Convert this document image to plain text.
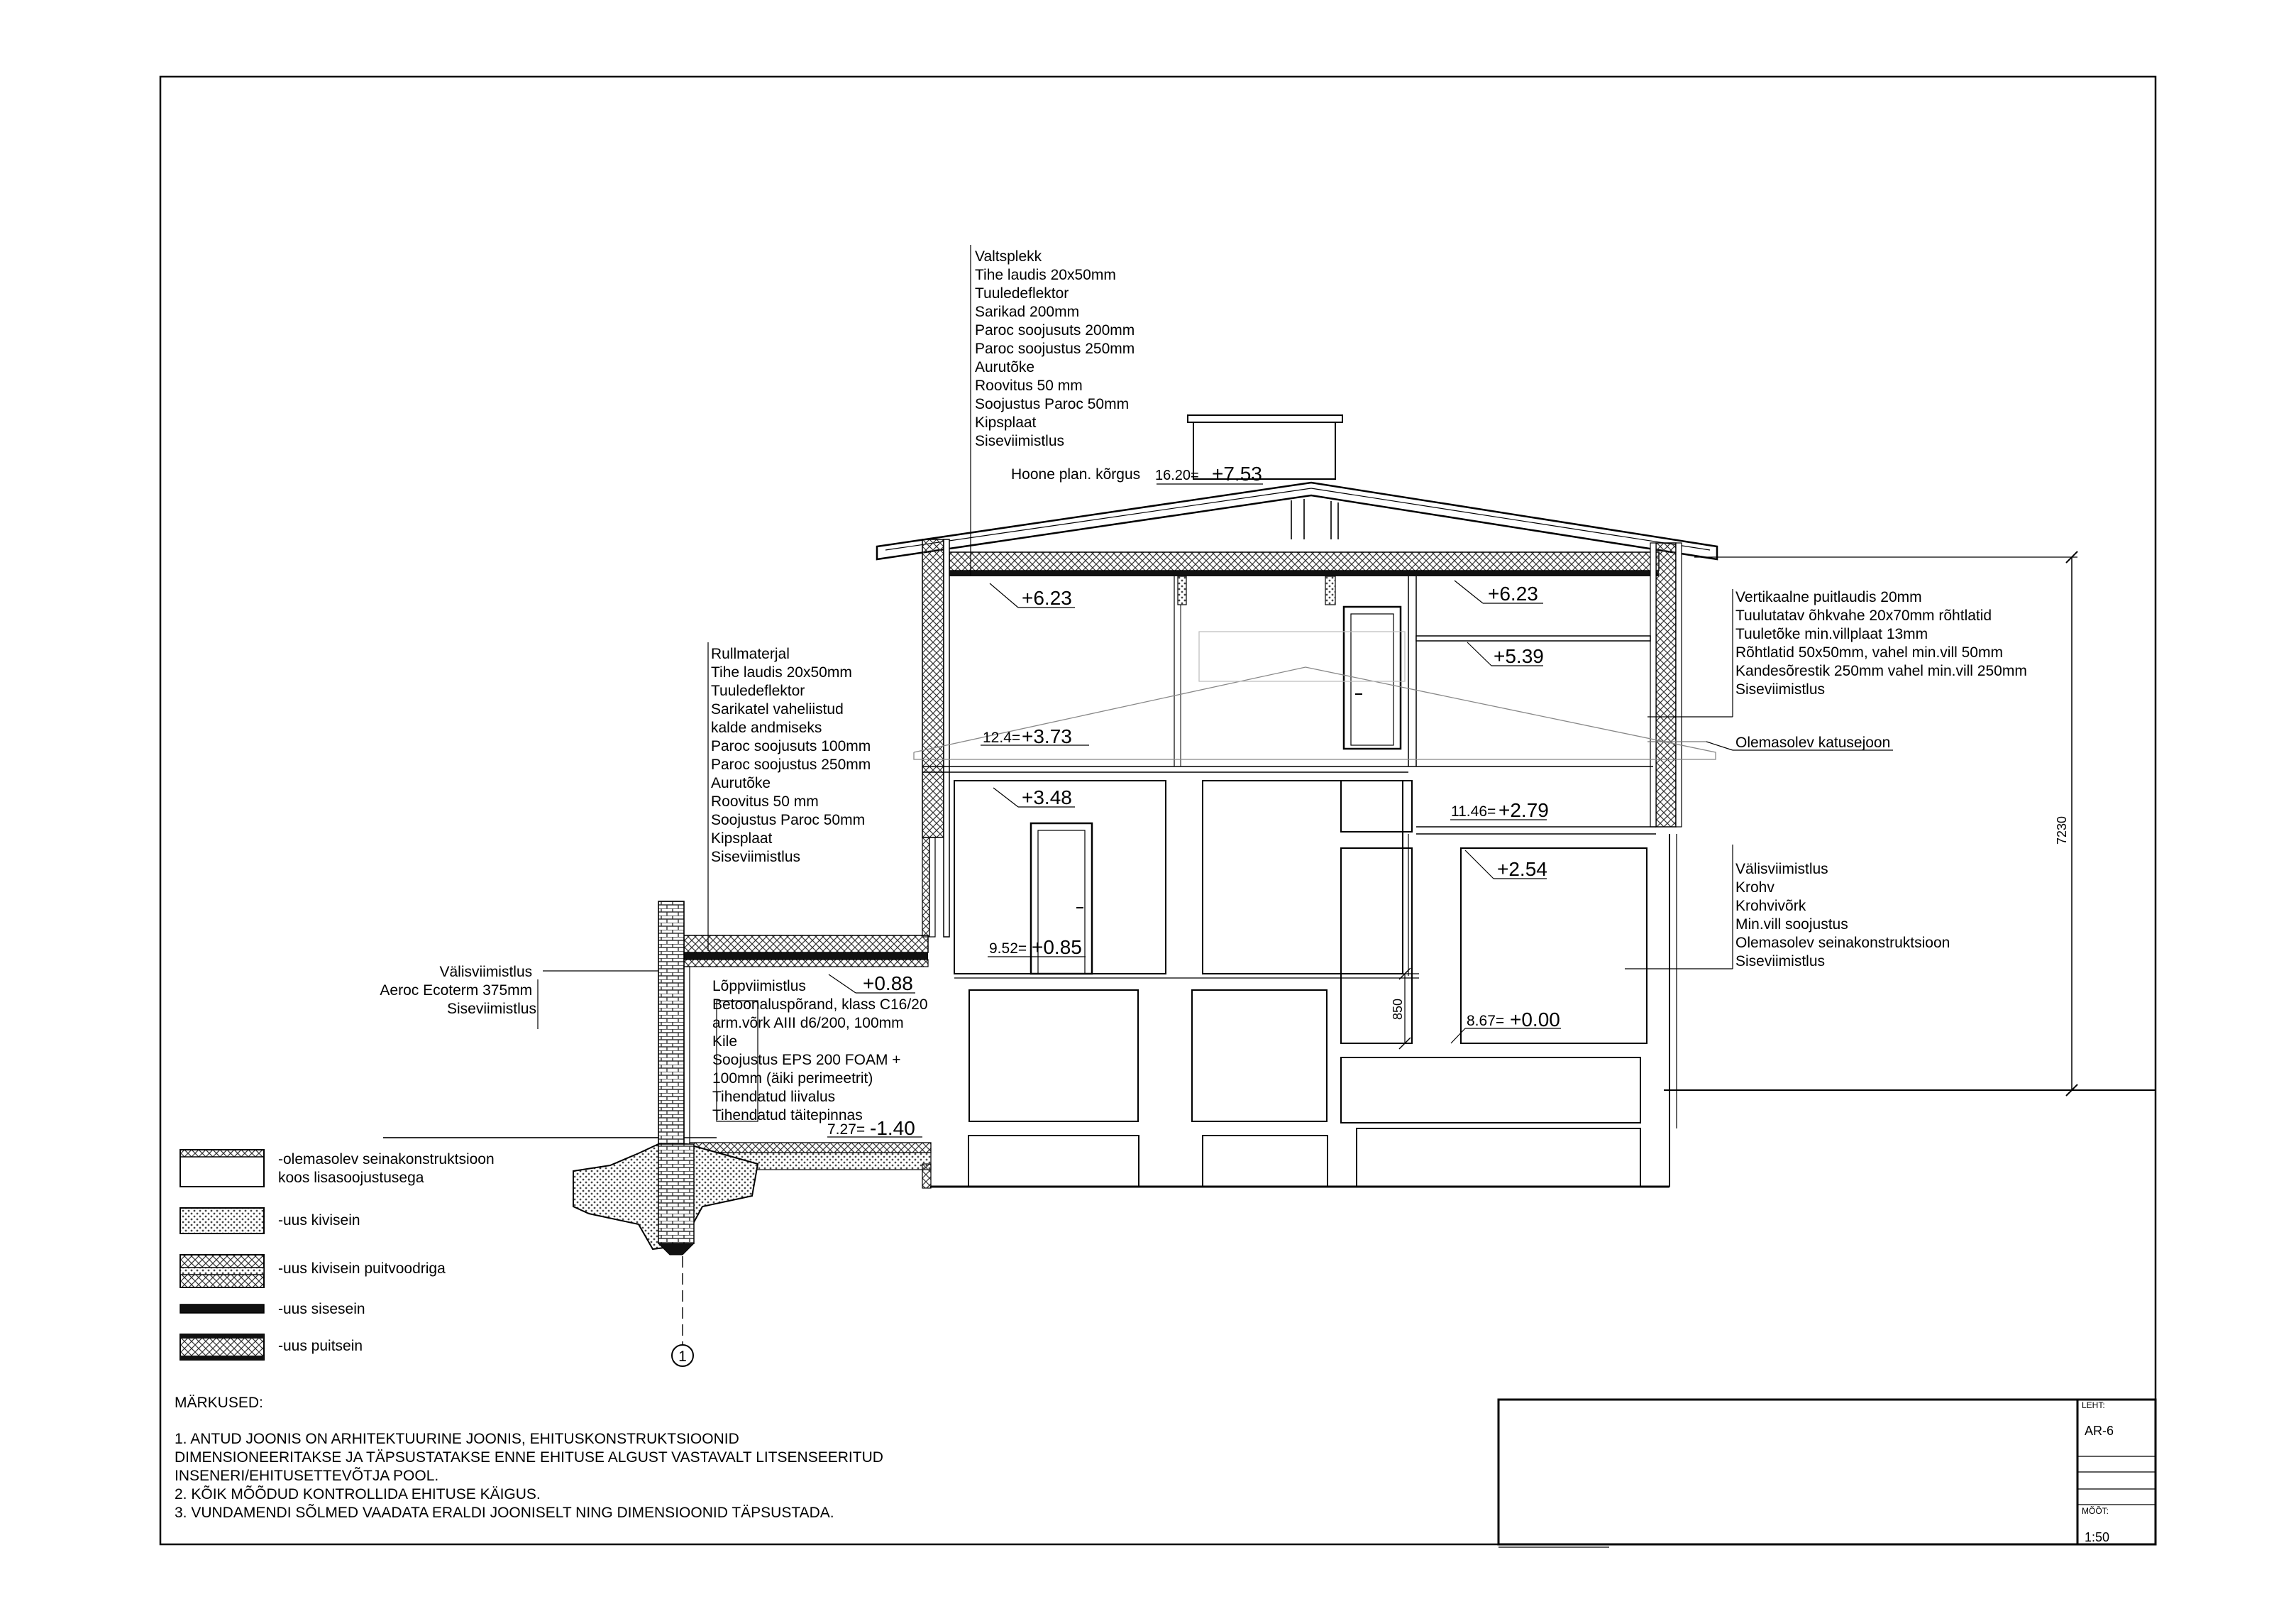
Valtsplekk Tihe laudis 20x50mm Tuuledeflektor Sarikad 200mm Paroc soojusuts 200mm Paroc soojustus 250mm Aurutõke Roovitus 50 mm Soojustus Paroc 50mm Kipsplaat Siseviimistlus
Hoone plan. kõrgus 16.20= +7.53
Rullmaterjal Tihe laudis 20x50mm Tuuledeflektor Sarikatel vaheliistud kalde andmiseks Paroc soojusuts 100mm Paroc soojustus 250mm Aurutõke Roovitus 50 mm Soojustus Paroc 50mm Kipsplaat Siseviimistlus
Vertikaalne puitlaudis 20mm Tuulutatav õhkvahe 20x70mm rõhtlatid Tuuletõke min.villplaat 13mm Rõhtlatid 50x50mm, vahel min.vill 50mm Kandesõrestik 250mm vahel min.vill 250mm Siseviimistlus
Olemasolev katusejoon
Välisviimistlus Krohv Krohvivõrk Min.vill soojustus Olemasolev seinakonstruktsioon Siseviimistlus
Välisviimistlus Aeroc Ecoterm 375mm Siseviimistlus
Lõppviimistlus Betoonaluspõrand, klass C16/20 arm.võrk AIII d6/200, 100mm Kile Soojustus EPS 200 FOAM + 100mm (äiki perimeetrit) Tihendatud liivalus Tihendatud täitepinnas
+6.23	+6.23
+5.39
12.4= +3.73
+3.48
11.46= +2.79
+2.54
9.52= +0.85
+0.88
8.67= +0.00
7.27= -1.40
7230
850
1
-olemasolev seinakonstruktsioon koos lisasoojustusega
-uus kivisein
-uus kivisein puitvoodriga
-uus sisesein
-uus puitsein
MÄRKUSED:
1. ANTUD JOONIS ON ARHITEKTUURINE JOONIS, EHITUSKONSTRUKTSIOONID DIMENSIONEERITAKSE JA TÄPSUSTATAKSE ENNE EHITUSE ALGUST VASTAVALT LITSENSEERITUD INSENERI/EHITUSETTEVÕTJA POOL. 2. KÕIK MÕÕDUD KONTROLLIDA EHITUSE KÄIGUS. 3. VUNDAMENDI SÕLMED VAADATA ERALDI JOONISELT NING DIMENSIOONID TÄPSUSTADA.
LEHT:
AR-6
MÕÕT:
1:50
